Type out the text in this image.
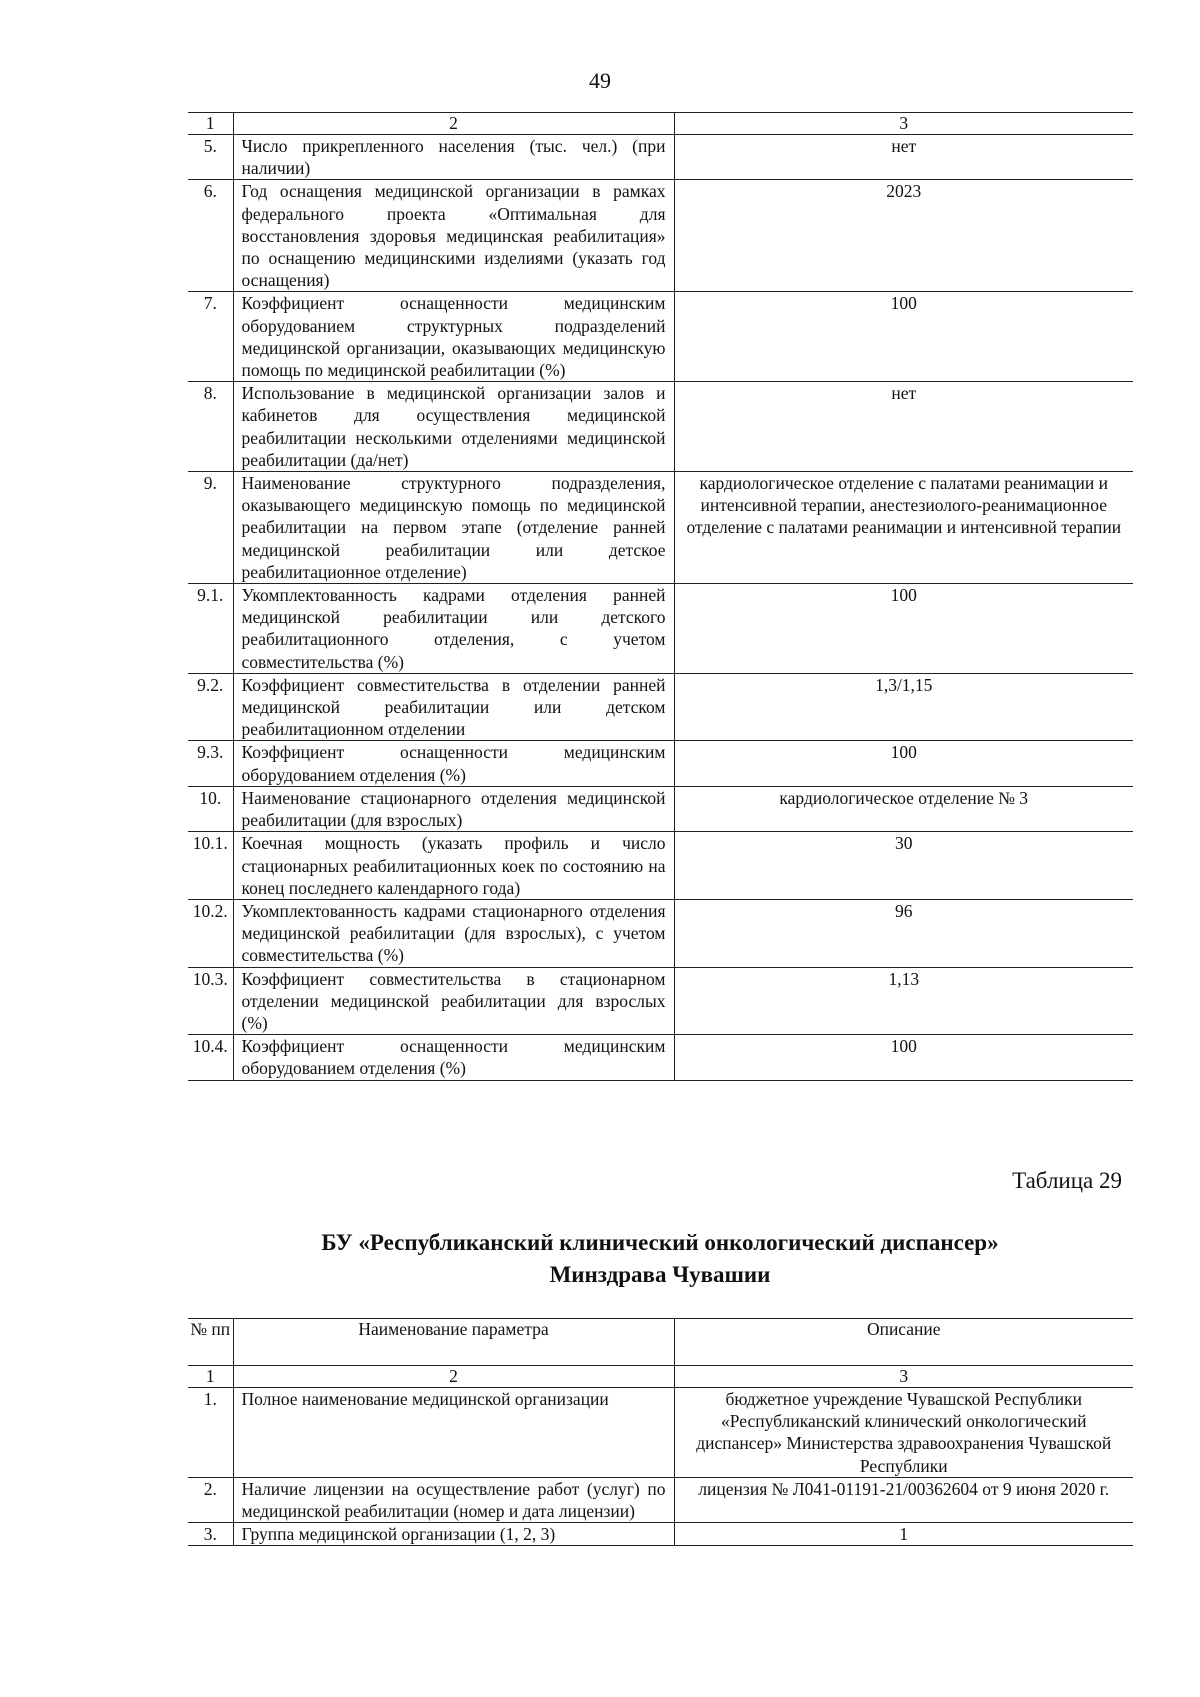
49
1	2	3
5.	Число прикрепленного населения (тыс. чел.) (при наличии)	нет
6.	Год оснащения медицинской организации в рамках федерального проекта «Оптимальная для восстановления здоровья медицинская реабилитация» по оснащению медицинскими изделиями (указать год оснащения)	2023
7.	Коэффициент оснащенности медицинским оборудованием структурных подразделений медицинской организации, оказывающих медицинскую помощь по медицинской реабилитации (%)	100
8.	Использование в медицинской организации залов и кабинетов для осуществления медицинской реабилитации несколькими отделениями медицинской реабилитации (да/нет)	нет
9.	Наименование структурного подразделения, оказывающего медицинскую помощь по медицинской реабилитации на первом этапе (отделение ранней медицинской реабилитации или детское реабилитационное отделение)	кардиологическое отделение с палатами реанимации и интенсивной терапии, анестезиолого-реанимационное отделение с палатами реанимации и интенсивной терапии
9.1.	Укомплектованность кадрами отделения ранней медицинской реабилитации или детского реабилитационного отделения, с учетом совместительства (%)	100
9.2.	Коэффициент совместительства в отделении ранней медицинской реабилитации или детском реабилитационном отделении	1,3/1,15
9.3.	Коэффициент оснащенности медицинским оборудованием отделения (%)	100
10.	Наименование стационарного отделения медицинской реабилитации (для взрослых)	кардиологическое отделение № 3
10.1.	Коечная мощность (указать профиль и число стационарных реабилитационных коек по состоянию на конец последнего календарного года)	30
10.2.	Укомплектованность кадрами стационарного отделения медицинской реабилитации (для взрослых), с учетом совместительства (%)	96
10.3.	Коэффициент совместительства в стационарном отделении медицинской реабилитации для взрослых (%)	1,13
10.4.	Коэффициент оснащенности медицинским оборудованием отделения (%)	100
Таблица 29
БУ «Республиканский клинический онкологический диспансер»
Минздрава Чувашии
№ пп	Наименование параметра	Описание
1	2	3
1.	Полное наименование медицинской организации	бюджетное учреждение Чувашской Республики «Республиканский клинический онкологический диспансер» Министерства здравоохранения Чувашской Республики
2.	Наличие лицензии на осуществление работ (услуг) по медицинской реабилитации (номер и дата лицензии)	лицензия № Л041-01191-21/00362604 от 9 июня 2020 г.
3.	Группа медицинской организации (1, 2, 3)	1
